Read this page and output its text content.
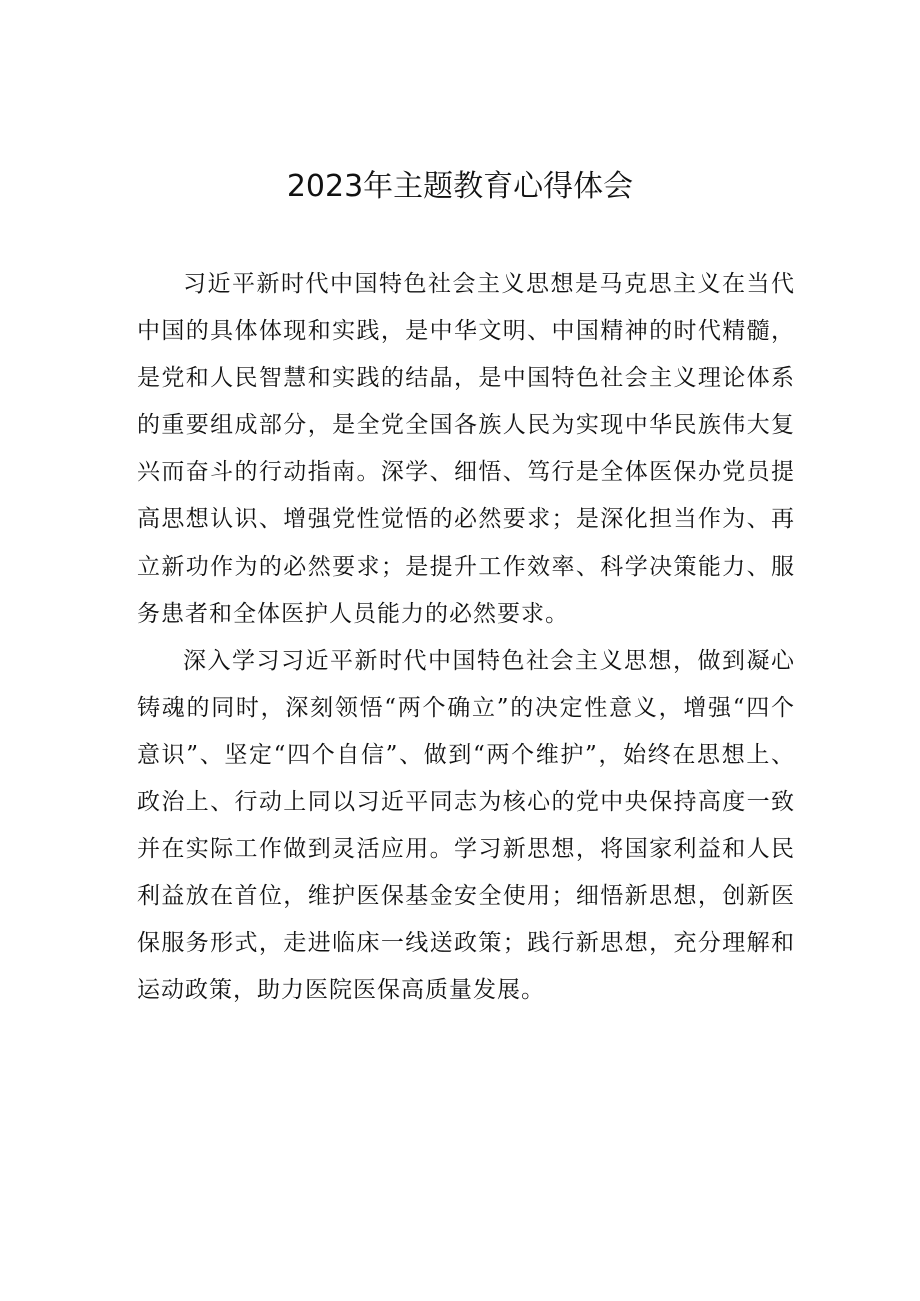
2023年主题教育心得体会

习近平新时代中国特色社会主义思想是马克思主义在当代中国的具体体现和实践，是中华文明、中国精神的时代精髓，是党和人民智慧和实践的结晶，是中国特色社会主义理论体系的重要组成部分，是全党全国各族人民为实现中华民族伟大复兴而奋斗的行动指南。深学、细悟、笃行是全体医保办党员提高思想认识、增强党性觉悟的必然要求；是深化担当作为、再立新功作为的必然要求；是提升工作效率、科学决策能力、服务患者和全体医护人员能力的必然要求。

深入学习习近平新时代中国特色社会主义思想，做到凝心铸魂的同时，深刻领悟“两个确立”的决定性意义，增强“四个意识”、坚定“四个自信”、做到“两个维护”，始终在思想上、政治上、行动上同以习近平同志为核心的党中央保持高度一致并在实际工作做到灵活应用。学习新思想，将国家利益和人民利益放在首位，维护医保基金安全使用；细悟新思想，创新医保服务形式，走进临床一线送政策；践行新思想，充分理解和运动政策，助力医院医保高质量发展。
